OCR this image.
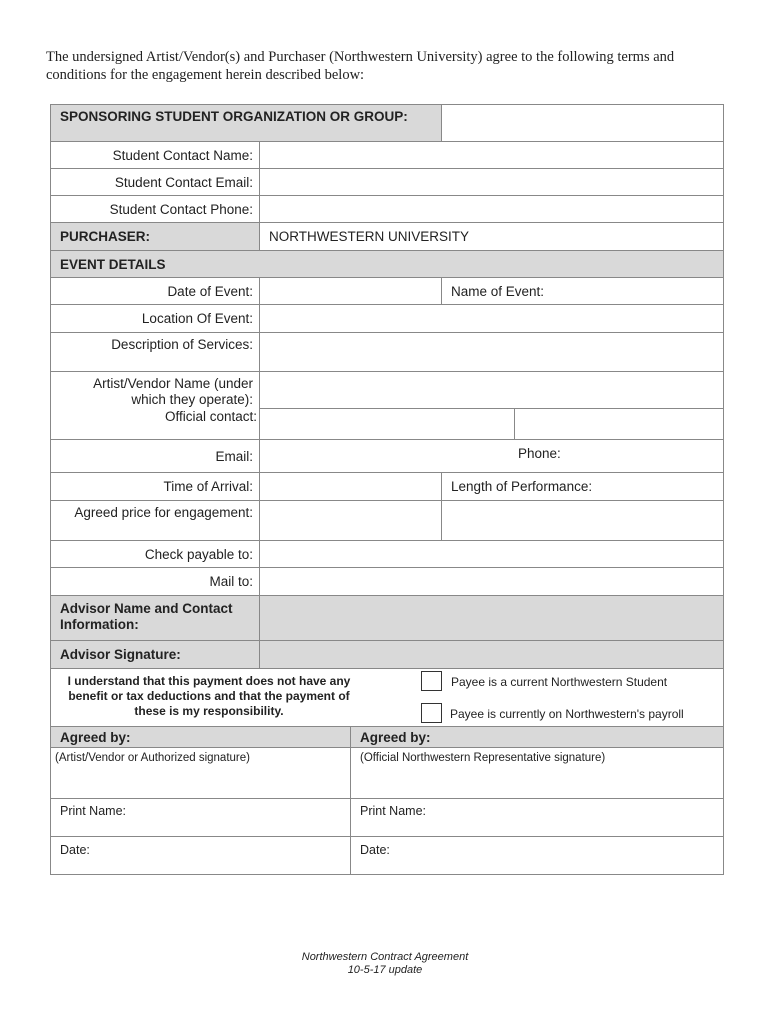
The undersigned Artist/Vendor(s) and Purchaser (Northwestern University) agree to the following terms and conditions for the engagement herein described below:
SPONSORING STUDENT ORGANIZATION OR GROUP:
Student Contact Name:
Student Contact Email:
Student Contact Phone:
PURCHASER:	NORTHWESTERN UNIVERSITY
EVENT DETAILS
Date of Event:	Name of Event:
Location Of Event:
Description of Services:
Artist/Vendor Name (under which they operate):
Official contact:
Email:	Phone:
Time of Arrival:	Length of Performance:
Agreed price for engagement:
Check payable to:
Mail to:
Advisor Name and Contact Information:
Advisor Signature:
I understand that this payment does not have any benefit or tax deductions and that the payment of these is my responsibility.
Payee is a current Northwestern Student
Payee is currently on Northwestern's payroll
Agreed by:	Agreed by:
(Artist/Vendor or Authorized signature)	(Official Northwestern Representative signature)
Print Name:	Print Name:
Date:	Date:
Northwestern Contract Agreement
10-5-17 update
